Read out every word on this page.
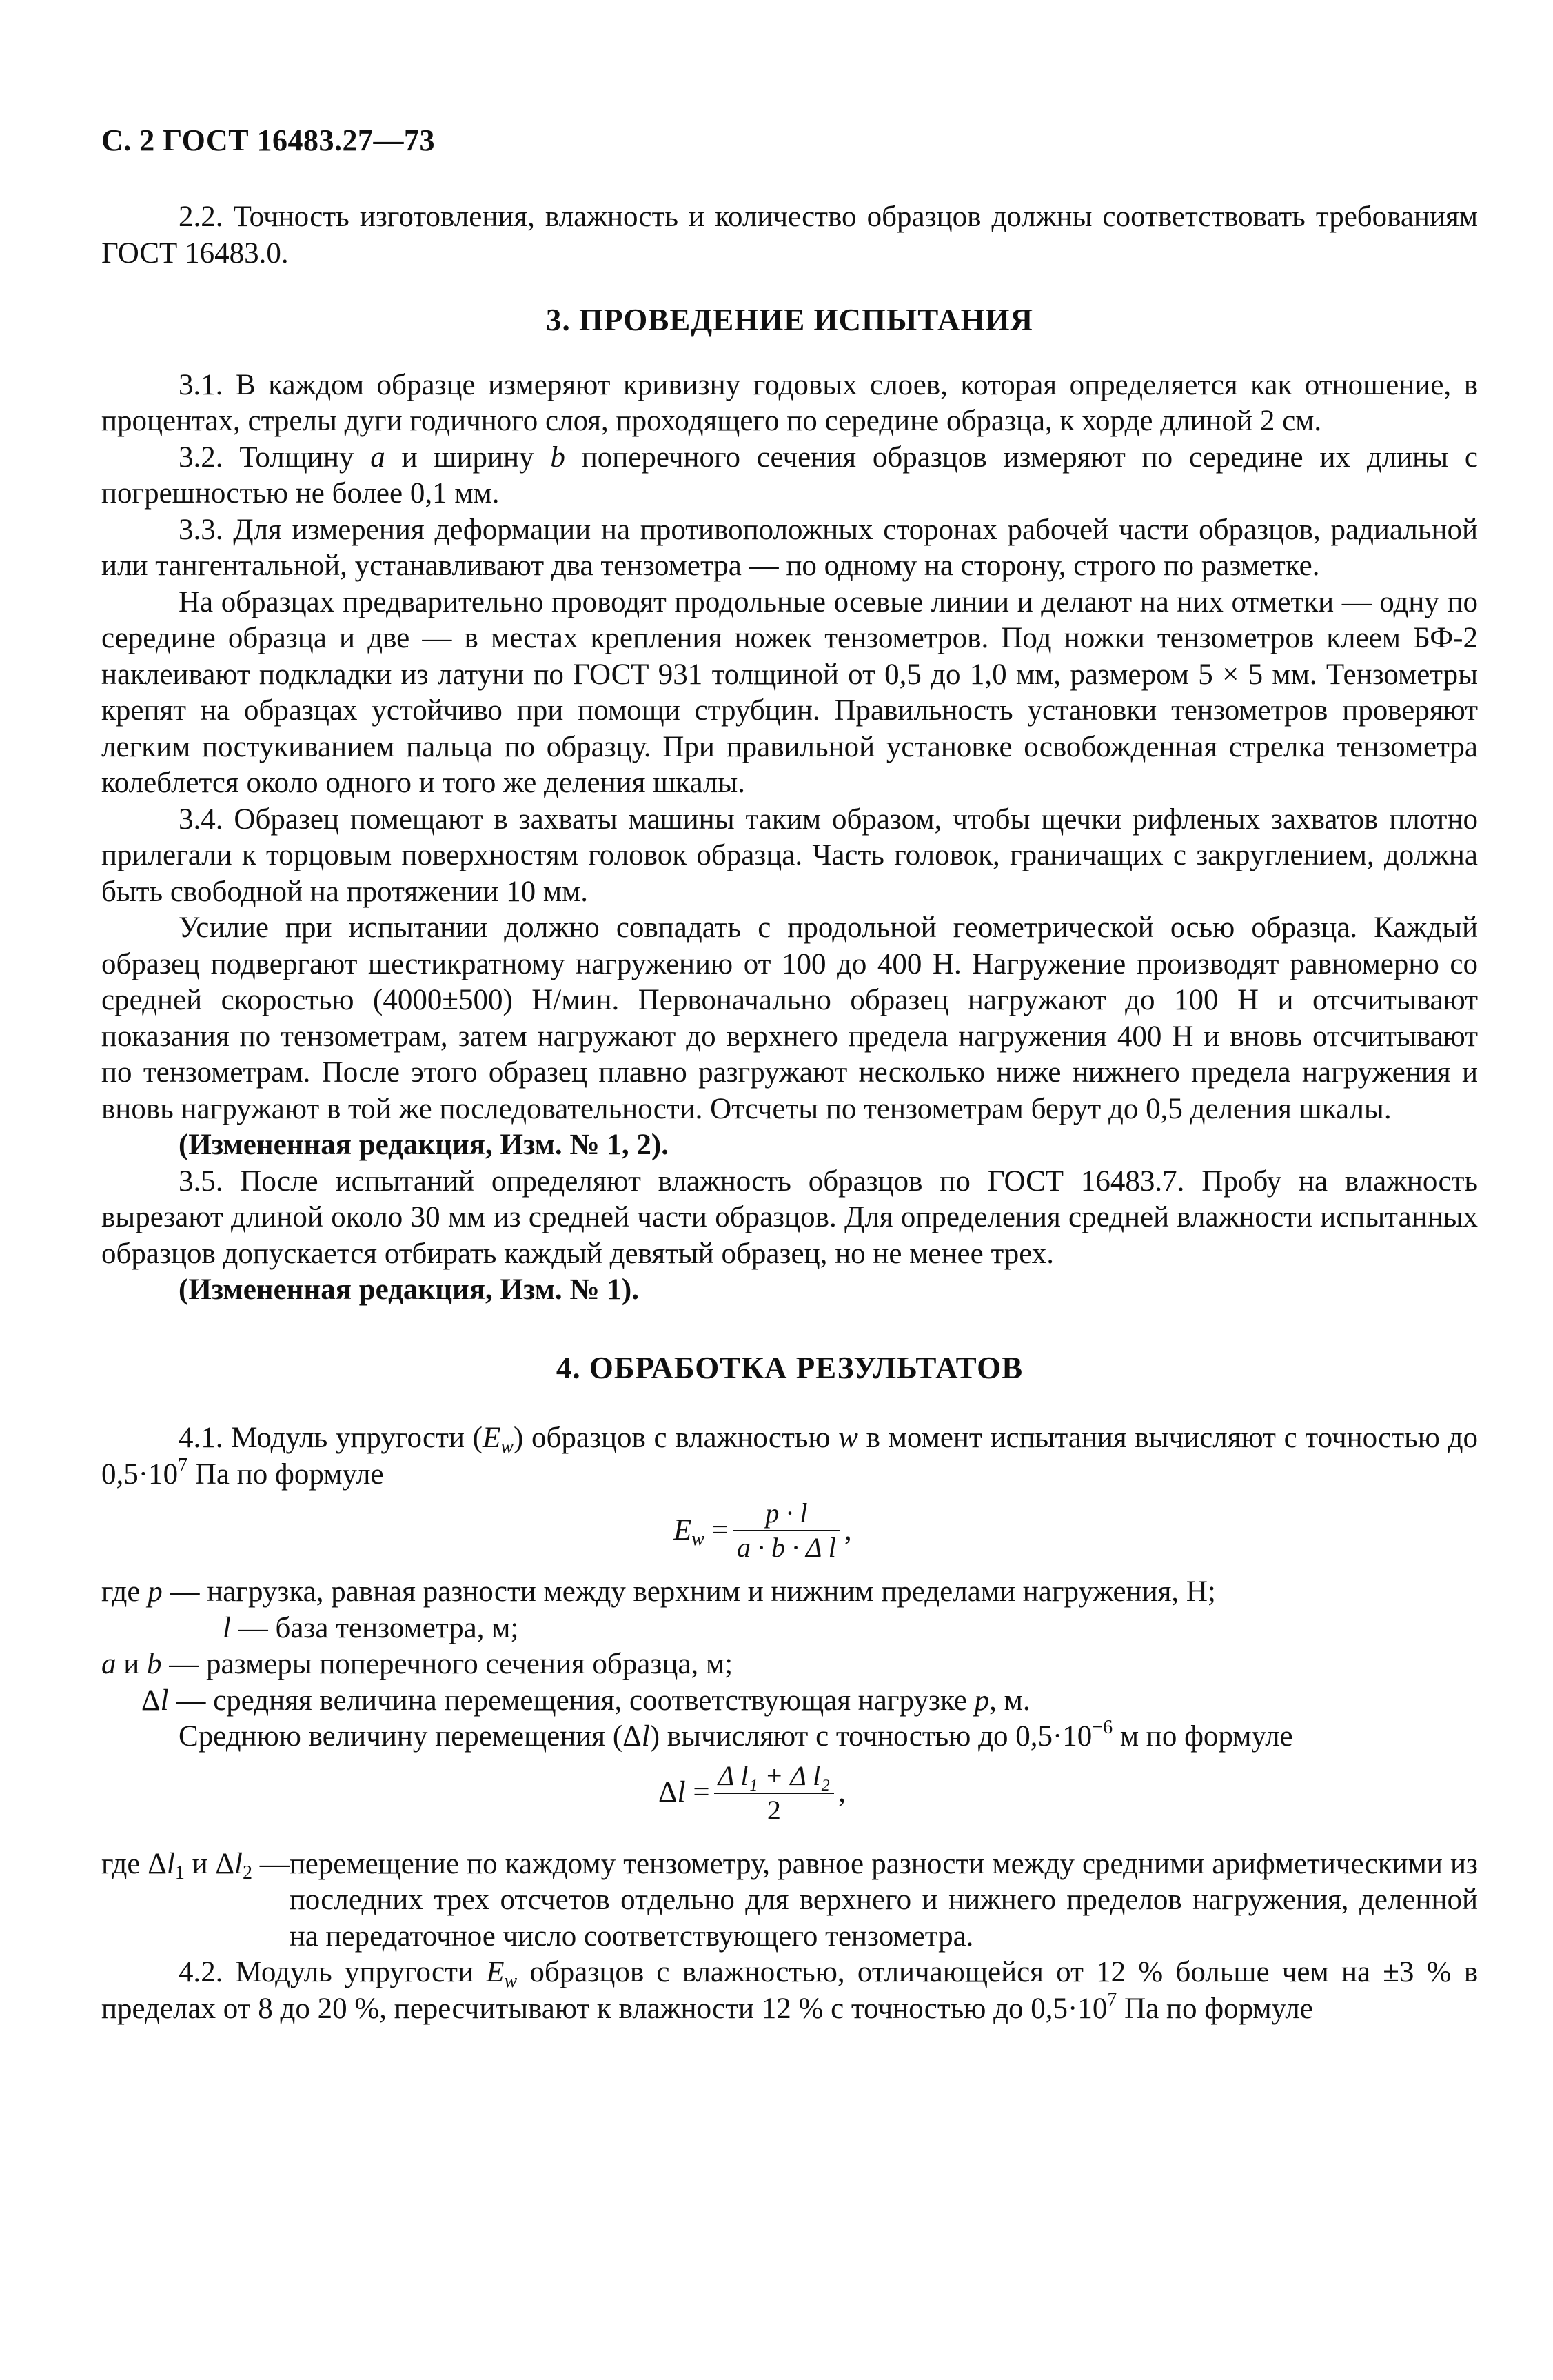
С. 2 ГОСТ 16483.27—73

2.2. Точность изготовления, влажность и количество образцов должны соответствовать требованиям ГОСТ 16483.0.

3. ПРОВЕДЕНИЕ ИСПЫТАНИЯ

3.1. В каждом образце измеряют кривизну годовых слоев, которая определяется как отношение, в процентах, стрелы дуги годичного слоя, проходящего по середине образца, к хорде длиной 2 см.

3.2. Толщину a и ширину b поперечного сечения образцов измеряют по середине их длины с погрешностью не более 0,1 мм.

3.3. Для измерения деформации на противоположных сторонах рабочей части образцов, радиальной или тангентальной, устанавливают два тензометра — по одному на сторону, строго по разметке.

На образцах предварительно проводят продольные осевые линии и делают на них отметки — одну по середине образца и две — в местах крепления ножек тензометров. Под ножки тензометров клеем БФ-2 наклеивают подкладки из латуни по ГОСТ 931 толщиной от 0,5 до 1,0 мм, размером 5 × 5 мм. Тензометры крепят на образцах устойчиво при помощи струбцин. Правильность установки тензометров проверяют легким постукиванием пальца по образцу. При правильной установке освобожденная стрелка тензометра колеблется около одного и того же деления шкалы.

3.4. Образец помещают в захваты машины таким образом, чтобы щечки рифленых захватов плотно прилегали к торцовым поверхностям головок образца. Часть головок, граничащих с закруглением, должна быть свободной на протяжении 10 мм.

Усилие при испытании должно совпадать с продольной геометрической осью образца. Каждый образец подвергают шестикратному нагружению от 100 до 400 Н. Нагружение производят равномерно со средней скоростью (4000±500) Н/мин. Первоначально образец нагружают до 100 Н и отсчитывают показания по тензометрам, затем нагружают до верхнего предела нагружения 400 Н и вновь отсчитывают по тензометрам. После этого образец плавно разгружают несколько ниже нижнего предела нагружения и вновь нагружают в той же последовательности. Отсчеты по тензометрам берут до 0,5 деления шкалы.

(Измененная редакция, Изм. № 1, 2).

3.5. После испытаний определяют влажность образцов по ГОСТ 16483.7. Пробу на влажность вырезают длиной около 30 мм из средней части образцов. Для определения средней влажности испытанных образцов допускается отбирать каждый девятый образец, но не менее трех.

(Измененная редакция, Изм. № 1).

4. ОБРАБОТКА РЕЗУЛЬТАТОВ

4.1. Модуль упругости $(E_w)$ образцов с влажностью w в момент испытания вычисляют с точностью до $0,5\cdot 10^7$ Па по формуле

$E_w = \frac{p \cdot l}{\text{a · b · Δ l}}$ ,

где p — нагрузка, равная разности между верхним и нижним пределами нагружения, Н;

l — база тензометра, м;

a и b — размеры поперечного сечения образца, м;

Δl — средняя величина перемещения, соответствующая нагрузке p, м.

Среднюю величину перемещения (Δl) вычисляют с точностью до $0,5\cdot 10^{-6}$ м по формуле

$\Delta l = \frac{\text{Δ l₁ + Δ l₂}}{2}$ ,
где $\Delta l_1$ и $\Delta l_2$ — перемещение по каждому тензометру, равное разности между средними арифметическими из последних трех отсчетов отдельно для верхнего и нижнего пределов нагружения, деленной на передаточное число соответствующего тензометра.

4.2. Модуль упругости $E_w$ образцов с влажностью, отличающейся от 12 % больше чем на ±3 % в пределах от 8 до 20 %, пересчитывают к влажности 12 % с точностью до $0,5\cdot 10^7$ Па по формуле
